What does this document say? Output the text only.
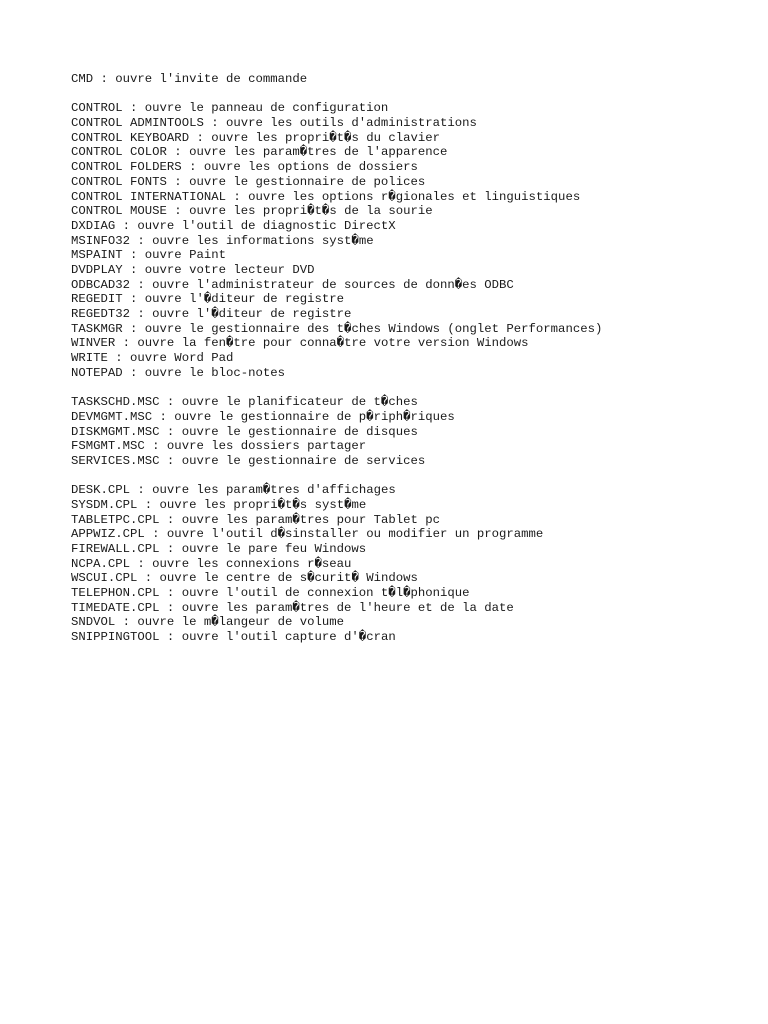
CMD : ouvre l'invite de commande
CONTROL : ouvre le panneau de configuration
CONTROL ADMINTOOLS : ouvre les outils d'administrations
CONTROL KEYBOARD : ouvre les propri�t�s du clavier
CONTROL COLOR : ouvre les param�tres de l'apparence
CONTROL FOLDERS : ouvre les options de dossiers
CONTROL FONTS : ouvre le gestionnaire de polices
CONTROL INTERNATIONAL : ouvre les options r�gionales et linguistiques
CONTROL MOUSE : ouvre les propri�t�s de la sourie
DXDIAG : ouvre l'outil de diagnostic DirectX
MSINFO32 : ouvre les informations syst�me
MSPAINT : ouvre Paint
DVDPLAY : ouvre votre lecteur DVD
ODBCAD32 : ouvre l'administrateur de sources de donn�es ODBC
REGEDIT : ouvre l'�diteur de registre
REGEDT32 : ouvre l'�diteur de registre
TASKMGR : ouvre le gestionnaire des t�ches Windows (onglet Performances)
WINVER : ouvre la fen�tre pour conna�tre votre version Windows
WRITE : ouvre Word Pad
NOTEPAD : ouvre le bloc-notes
TASKSCHD.MSC : ouvre le planificateur de t�ches
DEVMGMT.MSC : ouvre le gestionnaire de p�riph�riques
DISKMGMT.MSC : ouvre le gestionnaire de disques
FSMGMT.MSC : ouvre les dossiers partager
SERVICES.MSC : ouvre le gestionnaire de services
DESK.CPL : ouvre les param�tres d'affichages
SYSDM.CPL : ouvre les propri�t�s syst�me
TABLETPC.CPL : ouvre les param�tres pour Tablet pc
APPWIZ.CPL : ouvre l'outil d�sinstaller ou modifier un programme
FIREWALL.CPL : ouvre le pare feu Windows
NCPA.CPL : ouvre les connexions r�seau
WSCUI.CPL : ouvre le centre de s�curit� Windows
TELEPHON.CPL : ouvre l'outil de connexion t�l�phonique
TIMEDATE.CPL : ouvre les param�tres de l'heure et de la date
SNDVOL : ouvre le m�langeur de volume
SNIPPINGTOOL : ouvre l'outil capture d'�cran
